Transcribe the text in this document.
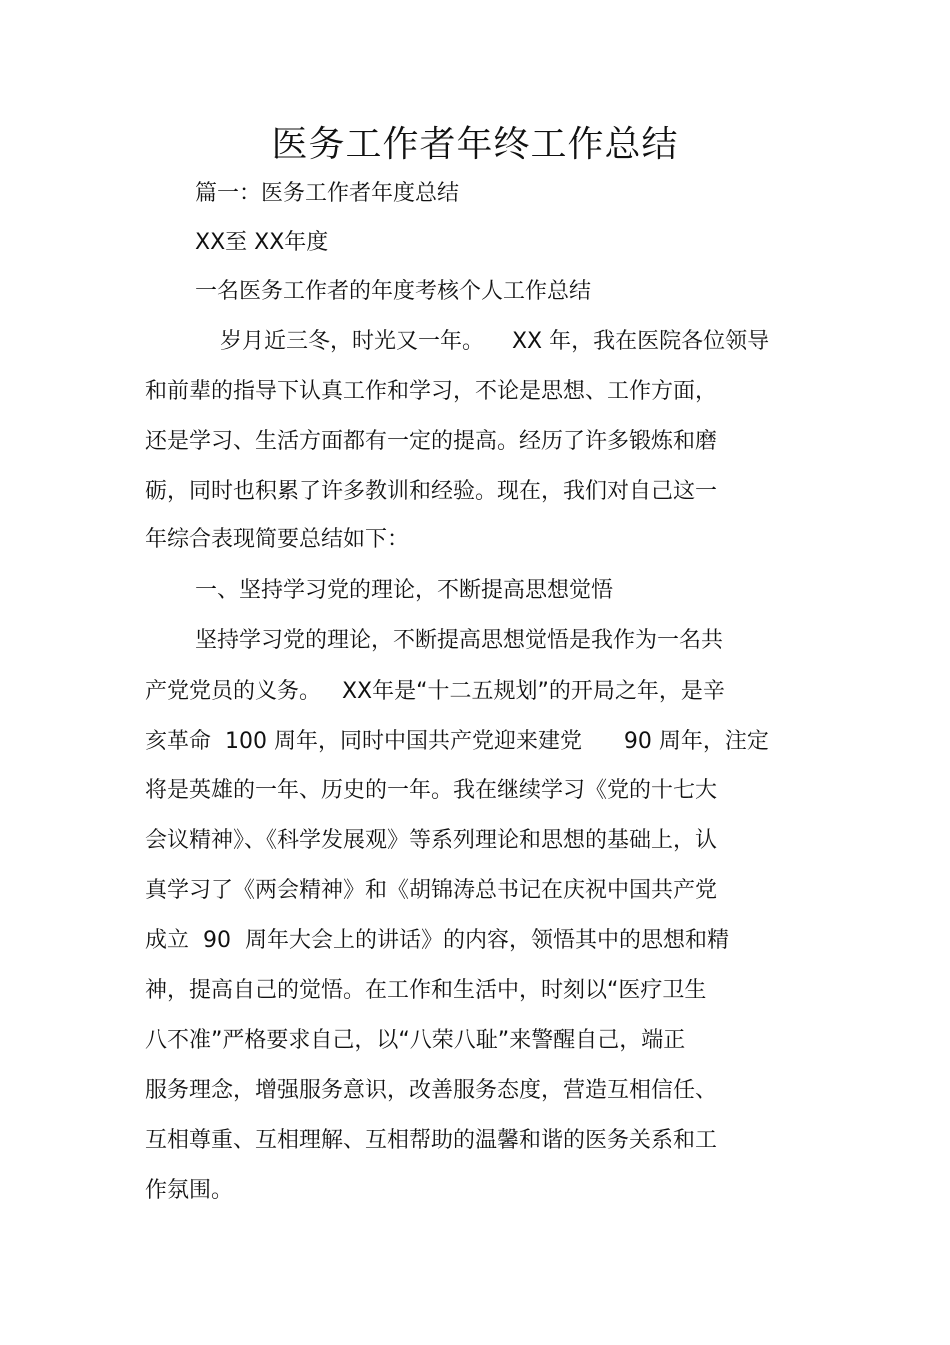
医务工作者年终工作总结
篇一：医务工作者年度总结
XX至 XX年度
一名医务工作者的年度考核个人工作总结
岁月近三冬，时光又一年。    XX 年，我在医院各位领导
和前辈的指导下认真工作和学习，不论是思想、工作方面，
还是学习、生活方面都有一定的提高。经历了许多锻炼和磨
砺，同时也积累了许多教训和经验。现在，我们对自己这一
年综合表现简要总结如下：
一、坚持学习党的理论，不断提高思想觉悟
坚持学习党的理论，不断提高思想觉悟是我作为一名共
产党党员的义务。   XX年是“十二五规划”的开局之年，是辛
亥革命  100 周年，同时中国共产党迎来建党      90 周年，注定
将是英雄的一年、历史的一年。我在继续学习《党的十七大
会议精神》、《科学发展观》等系列理论和思想的基础上，认
真学习了《两会精神》和《胡锦涛总书记在庆祝中国共产党
成立  90  周年大会上的讲话》的内容，领悟其中的思想和精
神，提高自己的觉悟。在工作和生活中，时刻以“医疗卫生
八不准”严格要求自己，以“八荣八耻”来警醒自己，端正
服务理念，增强服务意识，改善服务态度，营造互相信任、
互相尊重、互相理解、互相帮助的温馨和谐的医务关系和工
作氛围。
